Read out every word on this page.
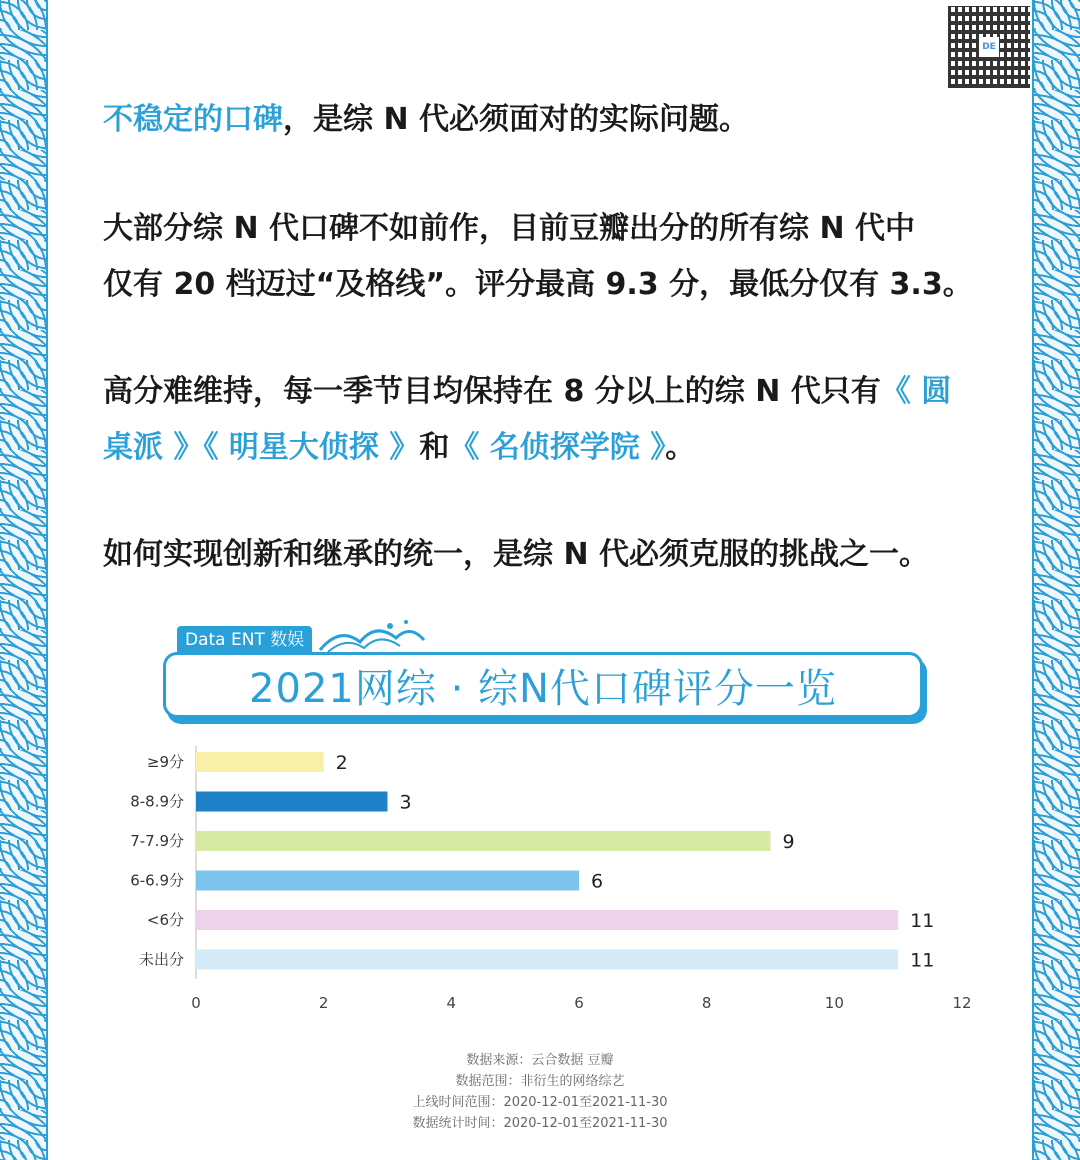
DE

不稳定的口碑，是综 N 代必须面对的实际问题。

大部分综 N 代口碑不如前作，目前豆瓣出分的所有综 N 代中
仅有 20 档迈过“及格线”。评分最高 9.3 分，最低分仅有 3.3。

高分难维持，每一季节目均保持在 8 分以上的综 N 代只有《 圆
桌派 》《 明星大侦探 》和《 名侦探学院 》。

如何实现创新和继承的统一，是综 N 代必须克服的挑战之一。

Data ENT 数娱
2021网综 · 综N代口碑评分一览
≥9分	2
8-8.9分	3
7-7.9分	9
6-6.9分	6
<6分	11
未出分	11
0	2	4	6	8	10	12
数据来源：云合数据 豆瓣
数据范围：非衍生的网络综艺
上线时间范围：2020-12-01至2021-11-30
数据统计时间：2020-12-01至2021-11-30
